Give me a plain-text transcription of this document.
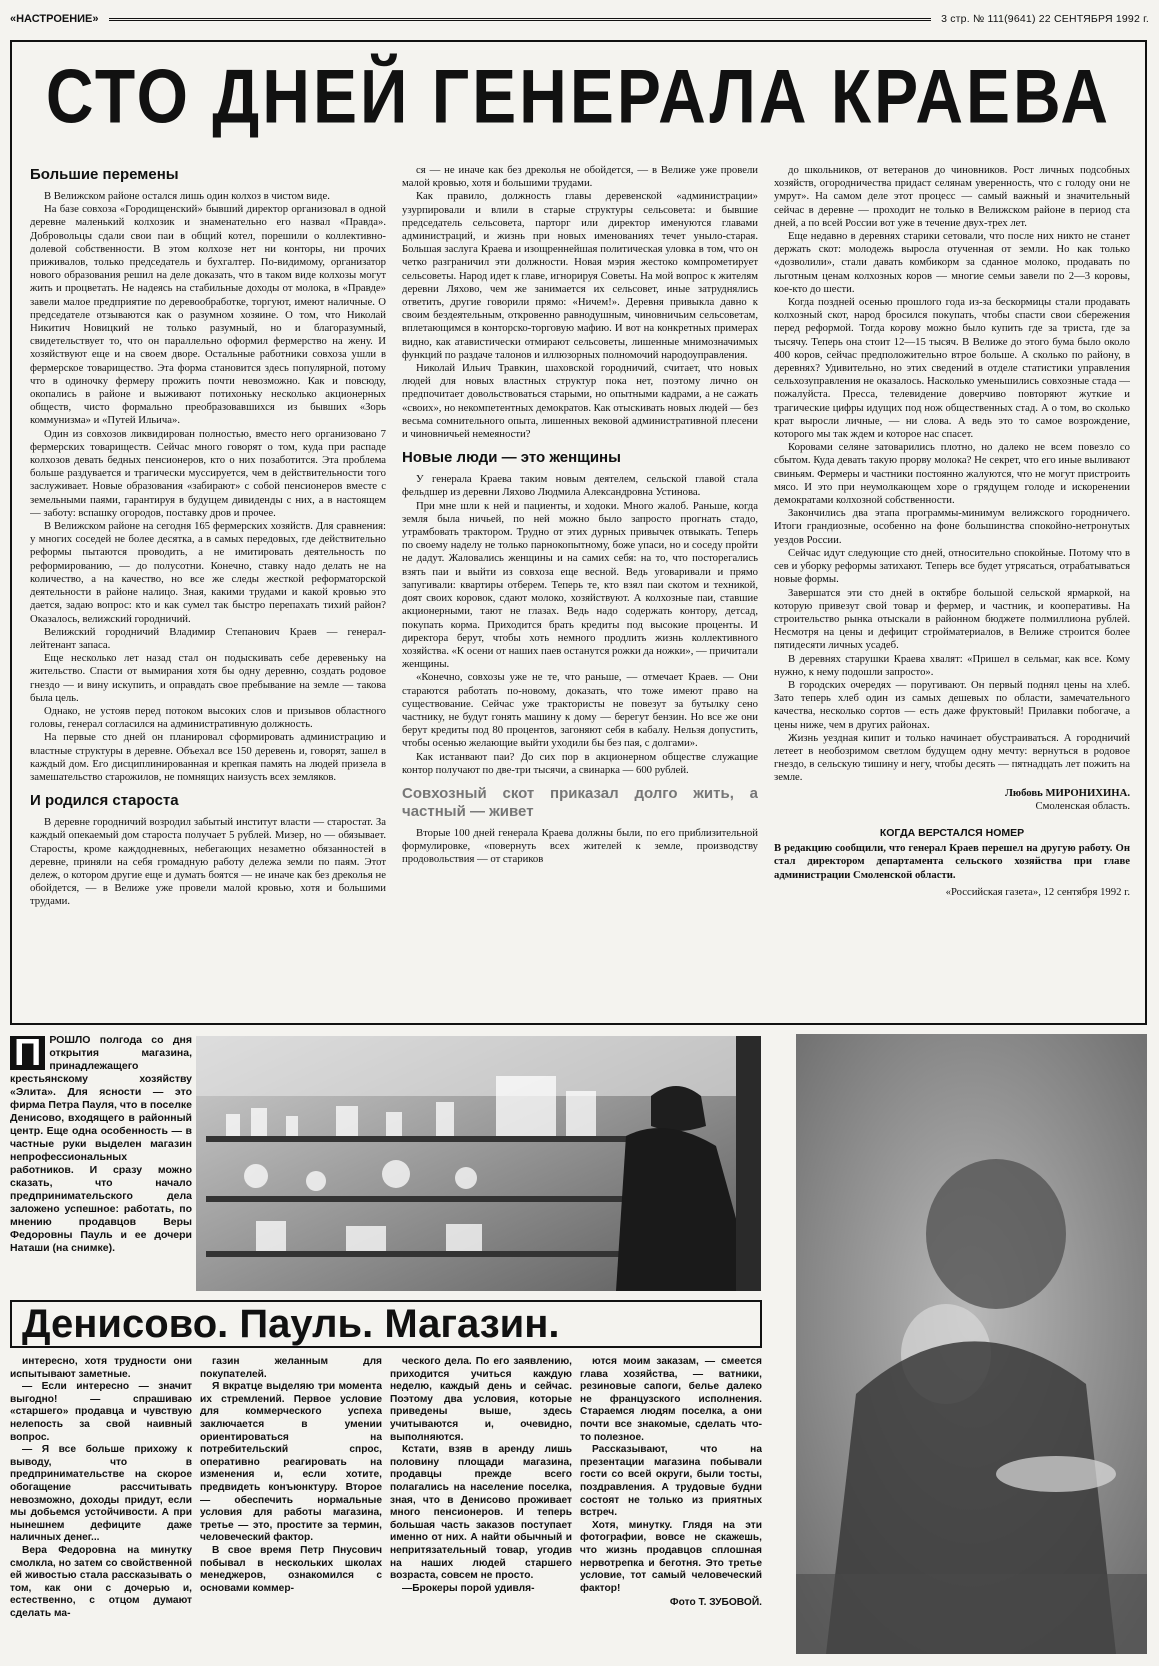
«НАСТРОЕНИЕ»	3 стр. № 111(9641) 22 СЕНТЯБРЯ 1992 г.
СТО ДНЕЙ ГЕНЕРАЛА КРАЕВА
Большие перемены

В Велижском районе остался лишь один колхоз в чистом виде.

На базе совхоза «Городищенский» бывший директор организовал в одной деревне маленький колхозик и знаменательно его назвал «Правда». Добровольцы сдали свои паи в общий котел, порешили о коллективно-долевой собственности. В этом колхозе нет ни конторы, ни прочих приживалов, только председатель и бухгалтер. По-видимому, организатор нового образования решил на деле доказать, что в таком виде колхозы могут жить и процветать. Не надеясь на стабильные доходы от молока, в «Правде» завели малое предприятие по деревообработке, торгуют, имеют наличные. О председателе отзываются как о разумном хозяине. О том, что Николай Никитич Новицкий не только разумный, но и благоразумный, свидетельствует то, что он параллельно оформил фермерство на жену. И хозяйствуют еще и на своем дворе. Остальные работники совхоза ушли в фермерское товарищество. Эта форма становится здесь популярной, потому что в одиночку фермеру прожить почти невозможно. Как и повсюду, окопались в районе и выживают потихоньку несколько акционерных обществ, чисто формально преобразовавшихся из бывших «Зорь коммунизма» и «Путей Ильича».

Один из совхозов ликвидирован полностью, вместо него организовано 7 фермерских товариществ. Сейчас много говорят о том, куда при распаде колхозов девать бедных пенсионеров, кто о них позаботится. Эта проблема больше раздувается и трагически муссируется, чем в действительности того заслуживает. Новые образования «забирают» с собой пенсионеров вместе с земельными паями, гарантируя в будущем дивиденды с них, а в настоящем — заботу: вспашку огородов, поставку дров и прочее.

В Велижском районе на сегодня 165 фермерских хозяйств. Для сравнения: у многих соседей не более десятка, а в самых передовых, где действительно реформы пытаются проводить, а не имитировать деятельность по реформированию, — до полусотни. Конечно, ставку надо делать не на количество, а на качество, но все же следы жесткой реформаторской деятельности в районе налицо. Зная, какими трудами и какой кровью это дается, задаю вопрос: кто и как сумел так быстро перепахать тихий район? Оказалось, велижский городничий.

Велижский городничий Владимир Степанович Краев — генерал-лейтенант запаса.

Еще несколько лет назад стал он подыскивать себе деревеньку на жительство. Спасти от вымирания хотя бы одну деревню, создать родовое гнездо — и вину искупить, и оправдать свое пребывание на земле — такова была цель.

Однако, не устояв перед потоком высоких слов и призывов областного головы, генерал согласился на административную должность.

На первые сто дней он планировал сформировать администрацию и властные структуры в деревне. Объехал все 150 деревень и, говорят, зашел в каждый дом. Его дисциплинированная и крепкая память на людей призела в замешательство старожилов, не помнящих наизусть всех земляков.

И родился староста

В деревне городничий возродил забытый институт власти — старостат. За каждый опекаемый дом староста получает 5 рублей. Мизер, но — обязывает. Старосты, кроме каждодневных, небегающих незаметно обязанностей в деревне, приняли на себя громадную работу дележа земли по паям. Этот дележ, о котором другие еще и думать боятся — не иначе как без дреколья не обойдется, — в Велиже уже провели малой кровью, хотя и большими трудами.

ся — не иначе как без дреколья не обойдется, — в Велиже уже провели малой кровью, хотя и большими трудами.

Как правило, должность главы деревенской «администрации» узурпировали и влили в старые структуры сельсовета: и бывшие председатель сельсовета, парторг или директор именуются главами администраций, и жизнь при новых именованиях течет уныло-старая. Большая заслуга Краева и изощреннейшая политическая уловка в том, что он четко разграничил эти должности. Новая мэрия жестоко компрометирует сельсоветы. Народ идет к главе, игнорируя Советы. На мой вопрос к жителям деревни Ляхово, чем же занимается их сельсовет, иные затруднялись ответить, другие говорили прямо: «Ничем!». Деревня привыкла давно к своим бездеятельным, откровенно равнодушным, чиновничьим сельсоветам, вплетающимся в конторско-торговую мафию. И вот на конкретных примерах видно, как атавистически отмирают сельсоветы, лишенные мнимозначимых функций по раздаче талонов и иллюзорных полномочий народоуправления.

Николай Ильич Травкин, шаховской городничий, считает, что новых людей для новых властных структур пока нет, поэтому лично он предпочитает довольствоваться старыми, но опытными кадрами, а не сажать «своих», но некомпетентных демократов. Как отыскивать новых людей — без весьма сомнительного опыта, лишенных вековой административной плесени и чиновничьей немеяности?

Новые люди — это женщины

У генерала Краева таким новым деятелем, сельской главой стала фельдшер из деревни Ляхово Людмила Александровна Устинова.

При мне шли к ней и пациенты, и ходоки. Много жалоб. Раньше, когда земля была ничьей, по ней можно было запросто прогнать стадо, утрамбовать трактором. Трудно от этих дурных привычек отвыкать. Теперь по своему наделу не только парнокопытному, боже упаси, но и соседу пройти не дадут. Жаловались женщины и на самих себя: на то, что посторегались взять паи и выйти из совхоза еще весной. Ведь уговаривали и прямо запугивали: квартиры отберем. Теперь те, кто взял паи скотом и техникой, доят своих коровок, сдают молоко, хозяйствуют. А колхозные паи, ставшие акционерными, тают не глазах. Ведь надо содержать контору, детсад, покупать корма. Приходится брать кредиты под высокие проценты. И директора берут, чтобы хоть немного продлить жизнь коллективного хозяйства. «К осени от наших паев останутся рожки да ножки», — причитали женщины.

«Конечно, совхозы уже не те, что раньше, — отмечает Краев. — Они стараются работать по-новому, доказать, что тоже имеют право на существование. Сейчас уже трактористы не повезут за бутылку сено частнику, не будут гонять машину к дому — берегут бензин. Но все же они берут кредиты под 80 процентов, загоняют себя в кабалу. Нельзя допустить, чтобы осенью желающие выйти уходили бы без пая, с долгами».

Как истанвают паи? До сих пор в акционерном обществе служащие контор получают по две-три тысячи, а свинарка — 600 рублей.

Совхозный скот приказал долго жить, а частный — живет

Вторые 100 дней генерала Краева должны были, по его приблизительной формулировке, «повернуть всех жителей к земле, производству продовольствия — от стариков

до школьников, от ветеранов до чиновников. Рост личных подсобных хозяйств, огородничества придаст селянам уверенность, что с голоду они не умрут». На самом деле этот процесс — самый важный и значительный сейчас в деревне — проходит не только в Велижском районе в период ста дней, а по всей России вот уже в течение двух-трех лет.

Еще недавно в деревнях старики сетовали, что после них никто не станет держать скот: молодежь выросла отученная от земли. Но как только «дозволили», стали давать комбикорм за сданное молоко, продавать по льготным ценам колхозных коров — многие семьи завели по 2—3 коровы, кое-кто до шести.

Когда поздней осенью прошлого года из-за бескормицы стали продавать колхозный скот, народ бросился покупать, чтобы спасти свои сбережения перед реформой. Тогда корову можно было купить где за триста, где за тысячу. Теперь она стоит 12—15 тысяч. В Велиже до этого бума было около 400 коров, сейчас предположительно втрое больше. А сколько по району, в деревнях? Удивительно, но этих сведений в отделе статистики управления сельхозуправления не оказалось. Насколько уменьшились совхозные стада — пожалуйста. Пресса, телевидение доверчиво повторяют жуткие и трагические цифры идущих под нож общественных стад. А о том, во сколько крат выросли личные, — ни слова. А ведь это то самое возрождение, которого мы так ждем и которое нас спасет.

Коровами селяне затоварились плотно, но далеко не всем повезло со сбытом. Куда девать такую прорву молока? Не секрет, что его иные выливают свиньям. Фермеры и частники постоянно жалуются, что не могут пристроить мясо. И это при неумолкающем хоре о грядущем голоде и искоренении демократами колхозной собственности.

Закончились два этапа программы-минимум велижского городничего. Итоги грандиозные, особенно на фоне большинства спокойно-нетронутых уездов России.

Сейчас идут следующие сто дней, относительно спокойные. Потому что в сев и уборку реформы затихают. Теперь все будет утрясаться, отрабатываться новые формы.

Завершатся эти сто дней в октябре большой сельской ярмаркой, на которую привезут свой товар и фермер, и частник, и кооперативы. На строительство рынка отыскали в районном бюджете полмиллиона рублей. Несмотря на цены и дефицит стройматериалов, в Велиже строится более пятидесяти личных усадеб.

В деревнях старушки Краева хвалят: «Пришел в сельмаг, как все. Кому нужно, к нему подошли запросто».

В городских очередях — поругивают. Он первый поднял цены на хлеб. Зато теперь хлеб один из самых дешевых по области, замечательного качества, несколько сортов — есть даже фруктовый! Прилавки побогаче, а цены ниже, чем в других районах.

Жизнь уездная кипит и только начинает обустраиваться. А городничий летеет в необозримом светлом будущем одну мечту: вернуться в родовое гнездо, в сельскую тишину и негу, чтобы десять — пятнадцать лет пожить на земле.

Любовь МИРОНИХИНА.
Смоленская область.
КОГДА ВЕРСТАЛСЯ НОМЕР
В редакцию сообщили, что генерал Краев перешел на другую работу. Он стал директором департамента сельского хозяйства при главе администрации Смоленской области.
«Российская газета», 12 сентября 1992 г.
П РОШЛО полгода со дня открытия магазина, принадлежащего крестьянскому хозяйству «Элита». Для ясности — это фирма Петра Пауля, что в поселке Денисово, входящего в районный центр. Еще одна особенность — в частные руки выделен магазин непрофессиональных работников. И сразу можно сказать, что начало предпринимательского дела заложено успешное: работать, по мнению продавцов Веры Федоровны Пауль и ее дочери Наташи (на снимке).
Денисово. Пауль. Магазин.

интересно, хотя трудности они испытывают заметные.

— Если интересно — значит выгодно! — спрашиваю «старшего» продавца и чувствую нелепость за свой наивный вопрос.

— Я все больше прихожу к выводу, что в предпринимательстве на скорое обогащение рассчитывать невозможно, доходы придут, если мы добьемся устойчивости. А при нынешнем дефиците даже наличных денег...

Вера Федоровна на минутку смолкла, но затем со свойственной ей живостью стала рассказывать о том, как они с дочерью и, естественно, с отцом думают сделать ма-

газин желанным для покупателей.

Я вкратце выделяю три момента их стремлений. Первое условие для коммерческого успеха заключается в умении ориентироваться на потребительский спрос, оперативно реагировать на изменения и, если хотите, предвидеть конъюнктуру. Второе — обеспечить нормальные условия для работы магазина, третье — это, простите за термин, человеческий фактор.

В свое время Петр Пнусович побывал в нескольких школах менеджеров, ознакомился с основами коммер-

ческого дела. По его заявлению, приходится учиться каждую неделю, каждый день и сейчас. Поэтому два условия, которые приведены выше, здесь учитываются и, очевидно, выполняются.

Кстати, взяв в аренду лишь половину площади магазина, продавцы прежде всего полагались на население поселка, зная, что в Денисово проживает много пенсионеров. И теперь большая часть заказов поступает именно от них. А найти обычный и непритязательный товар, угодив на наших людей старшего возраста, совсем не просто.

—Брокеры порой удивля-

ются моим заказам, — смеется глава хозяйства, — ватники, резиновые сапоги, белье далеко не французского исполнения. Стараемся людям поселка, а они почти все знакомые, сделать что-то полезное.

Рассказывают, что на презентации магазина побывали гости со всей округи, были тосты, поздравления. А трудовые будни состоят не только из приятных встреч.

Хотя, минутку. Глядя на эти фотографии, вовсе не скажешь, что жизнь продавцов сплошная нервотрепка и беготня. Это третье условие, тот самый человеческий фактор!

Фото Т. ЗУБОВОЙ.
